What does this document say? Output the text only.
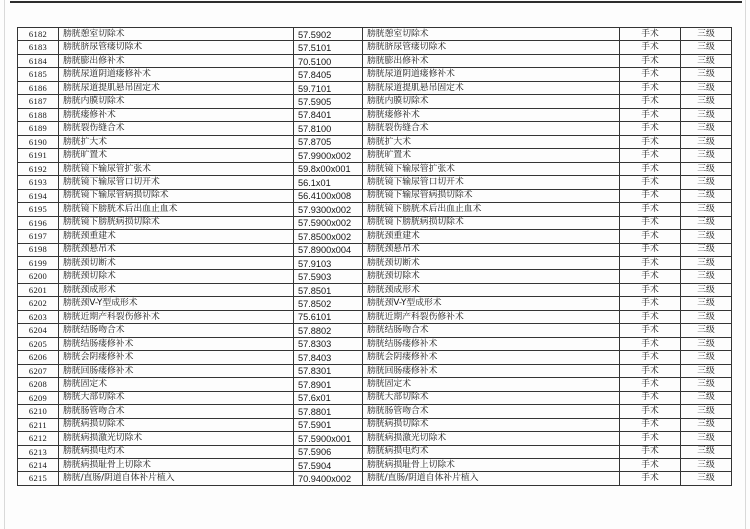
6182	膀胱憩室切除术	57.5902	膀胱憩室切除术	手术	三级
6183	膀胱脐尿管瘘切除术	57.5101	膀胱脐尿管瘘切除术	手术	三级
6184	膀胱膨出修补术	70.5100	膀胱膨出修补术	手术	三级
6185	膀胱尿道阴道瘘修补术	57.8405	膀胱尿道阴道瘘修补术	手术	三级
6186	膀胱尿道提肌悬吊固定术	59.7101	膀胱尿道提肌悬吊固定术	手术	三级
6187	膀胱内膜切除术	57.5905	膀胱内膜切除术	手术	三级
6188	膀胱瘘修补术	57.8401	膀胱瘘修补术	手术	三级
6189	膀胱裂伤缝合术	57.8100	膀胱裂伤缝合术	手术	三级
6190	膀胱扩大术	57.8705	膀胱扩大术	手术	三级
6191	膀胱旷置术	57.9900x002	膀胱旷置术	手术	三级
6192	膀胱镜下输尿管扩张术	59.8x00x001	膀胱镜下输尿管扩张术	手术	三级
6193	膀胱镜下输尿管口切开术	56.1x01	膀胱镜下输尿管口切开术	手术	三级
6194	膀胱镜下输尿管病损切除术	56.4100x008	膀胱镜下输尿管病损切除术	手术	三级
6195	膀胱镜下膀胱术后出血止血术	57.9300x002	膀胱镜下膀胱术后出血止血术	手术	三级
6196	膀胱镜下膀胱病损切除术	57.5900x002	膀胱镜下膀胱病损切除术	手术	三级
6197	膀胱颈重建术	57.8500x002	膀胱颈重建术	手术	三级
6198	膀胱颈悬吊术	57.8900x004	膀胱颈悬吊术	手术	三级
6199	膀胱颈切断术	57.9103	膀胱颈切断术	手术	三级
6200	膀胱颈切除术	57.5903	膀胱颈切除术	手术	三级
6201	膀胱颈成形术	57.8501	膀胱颈成形术	手术	三级
6202	膀胱颈V-Y型成形术	57.8502	膀胱颈V-Y型成形术	手术	三级
6203	膀胱近期产科裂伤修补术	75.6101	膀胱近期产科裂伤修补术	手术	三级
6204	膀胱结肠吻合术	57.8802	膀胱结肠吻合术	手术	三级
6205	膀胱结肠瘘修补术	57.8303	膀胱结肠瘘修补术	手术	三级
6206	膀胱会阴瘘修补术	57.8403	膀胱会阴瘘修补术	手术	三级
6207	膀胱回肠瘘修补术	57.8301	膀胱回肠瘘修补术	手术	三级
6208	膀胱固定术	57.8901	膀胱固定术	手术	三级
6209	膀胱大部切除术	57.6x01	膀胱大部切除术	手术	三级
6210	膀胱肠管吻合术	57.8801	膀胱肠管吻合术	手术	三级
6211	膀胱病损切除术	57.5901	膀胱病损切除术	手术	三级
6212	膀胱病损激光切除术	57.5900x001	膀胱病损激光切除术	手术	三级
6213	膀胱病损电灼术	57.5906	膀胱病损电灼术	手术	三级
6214	膀胱病损耻骨上切除术	57.5904	膀胱病损耻骨上切除术	手术	三级
6215	膀胱/直肠/阴道自体补片植入	70.9400x002	膀胱/直肠/阴道自体补片植入	手术	三级
